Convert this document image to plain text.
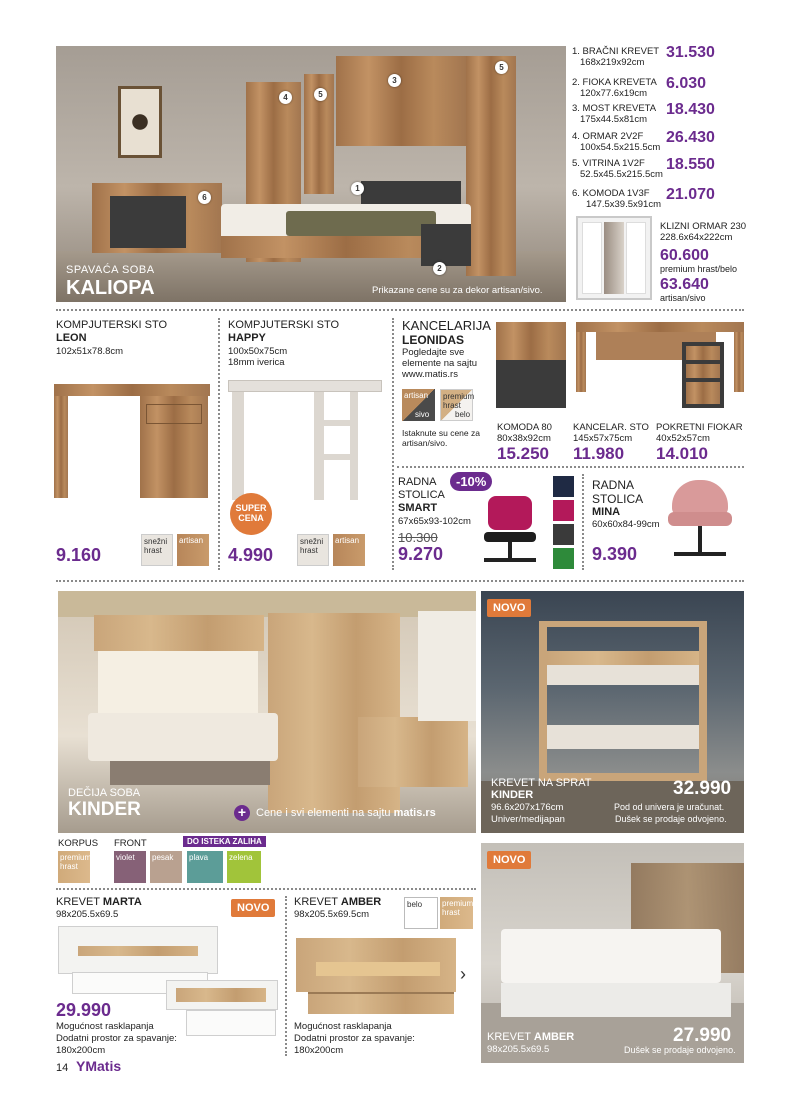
1
2
3
4	5
5
6
SPAVAĆA SOBA
KALIOPA	Prikazane cene su za dekor artisan/sivo.
1. BRAČNI KREVET
168x219x92cm
31.530
2. FIOKA KREVETA
120x77.6x19cm
6.030
3. MOST KREVETA
175x44.5x81cm
18.430
4. ORMAR 2V2F
100x54.5x215.5cm
26.430
5. VITRINA 1V2F
52.5x45.5x215.5cm
18.550
6. KOMODA 1V3F
147.5x39.5x91cm
21.070
KLIZNI ORMAR 230
228.6x64x222cm
60.600
premium hrast/belo
63.640
artisan/sivo
KOMPJUTERSKI STO
LEON
102x51x78.8cm
9.160
snežni hrast
artisan
KOMPJUTERSKI STO
HAPPY
100x50x75cm
18mm iverica
SUPER CENA
4.990
snežni hrast
artisan
KANCELARIJA
LEONIDAS
Pogledajte sve elemente na sajtu www.matis.rs
artisan
sivo
premium hrast
belo
Istaknute su cene za artisan/sivo.
KOMODA 80
80x38x92cm
15.250
KANCELAR. STO
145x57x75cm
11.980
POKRETNI FIOKAR
40x52x57cm
14.010
RADNA
STOLICA
SMART
67x65x93-102cm
-10%
10.300
9.270
RADNA
STOLICA
MINA
60x60x84-99cm
9.390
DEČIJA SOBA
KINDER	+ Cene i svi elementi na sajtu matis.rs
KORPUS FRONT	DO ISTEKA ZALIHA
premium hrast
violet	pesak	plava	zelena
NOVO
KREVET NA SPRAT
KINDER
96.6x207x176cm
Univer/medijapan
32.990
Pod od univera je uračunat.
Dušek se prodaje odvojeno.
KREVET MARTA
98x205.5x69.5
NOVO
29.990
Mogućnost rasklapanja
Dodatni prostor za spavanje:
180x200cm
KREVET AMBER
98x205.5x69.5cm
belo	premium hrast
›
Mogućnost rasklapanja
Dodatni prostor za spavanje:
180x200cm
NOVO
KREVET AMBER
98x205.5x69.5
27.990
Dušek se prodaje odvojeno.
14 YMatis
